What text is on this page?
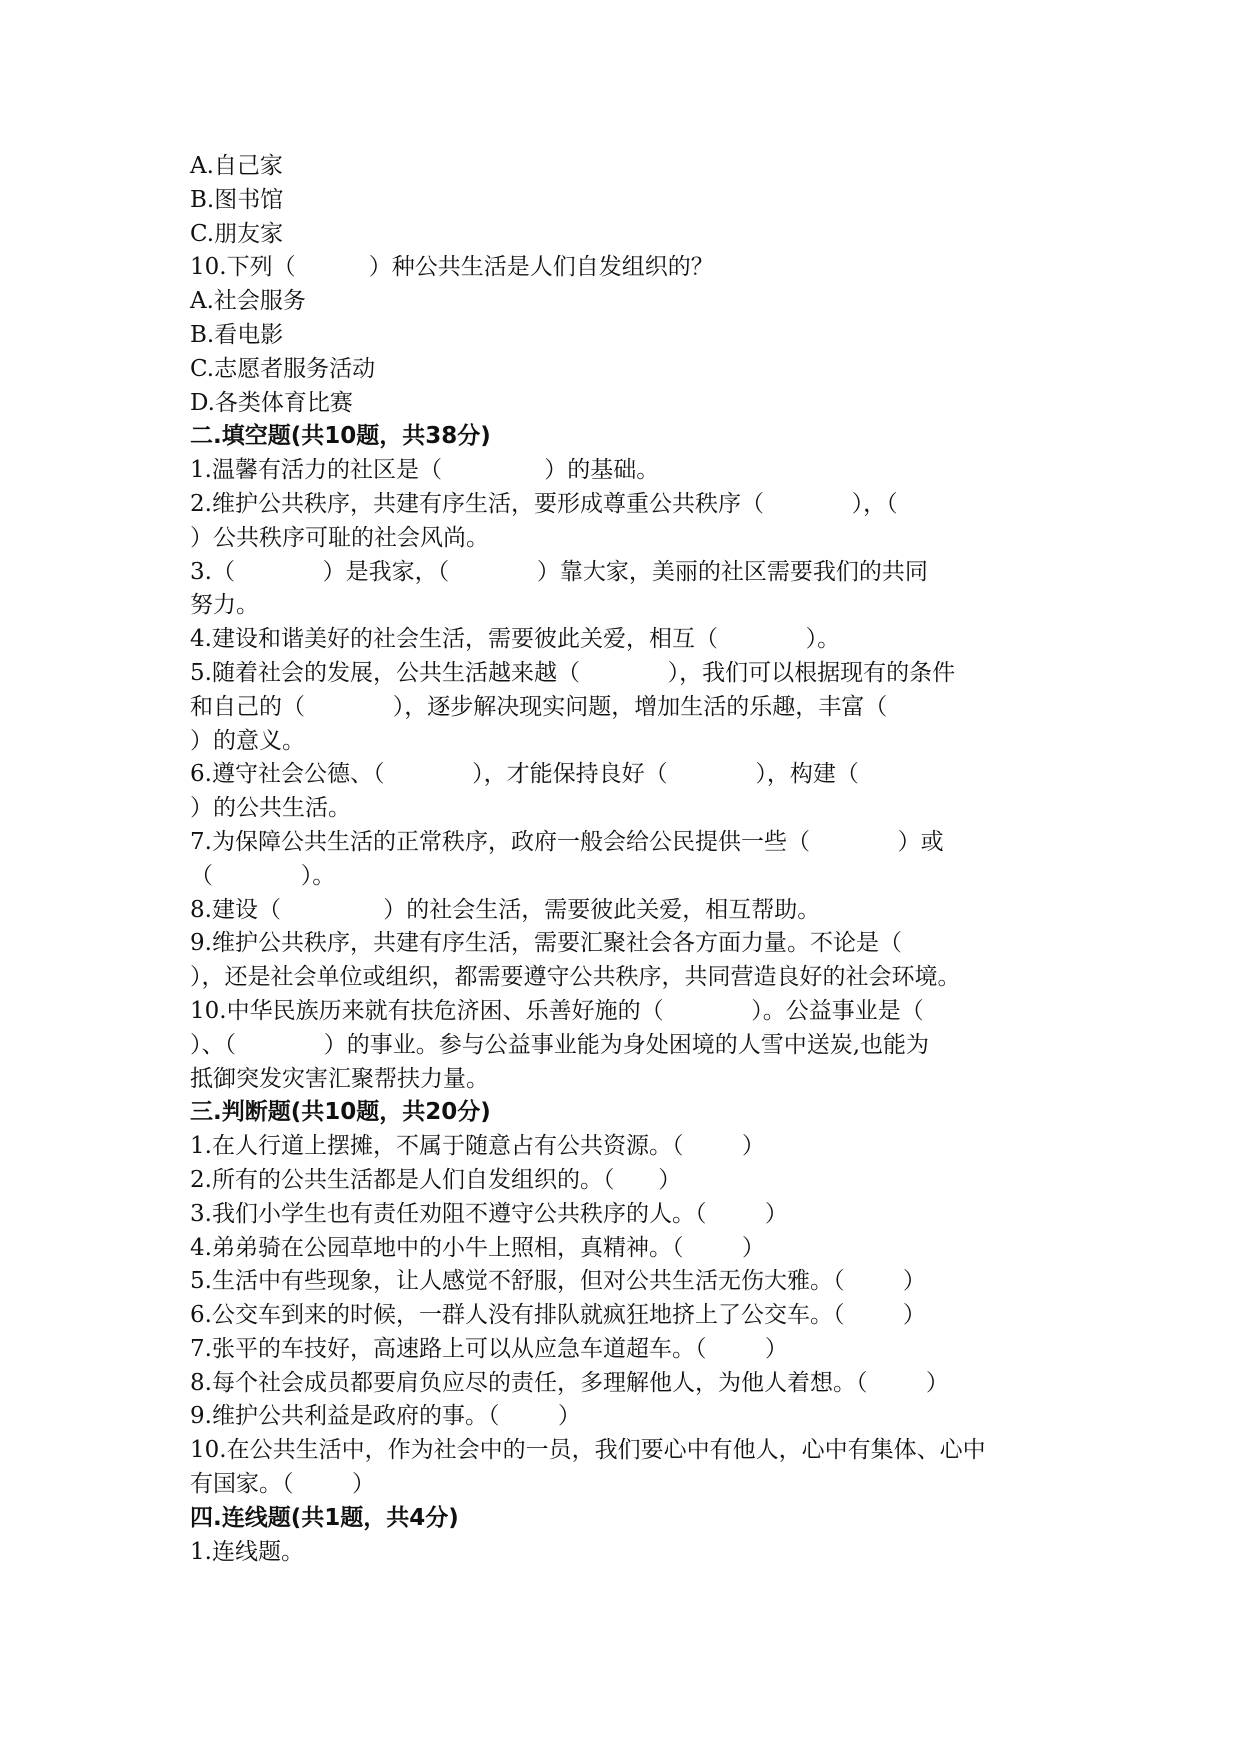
A.自己家

B.图书馆

C.朋友家

10.下列（          ）种公共生活是人们自发组织的？

A.社会服务

B.看电影

C.志愿者服务活动

D.各类体育比赛

二.填空题(共10题，共38分)

1.温馨有活力的社区是（              ）的基础。

2.维护公共秩序，共建有序生活，要形成尊重公共秩序（            ），（

）公共秩序可耻的社会风尚。

3.（            ）是我家，（            ）靠大家，美丽的社区需要我们的共同

努力。

4.建设和谐美好的社会生活，需要彼此关爱，相互（            ）。

5.随着社会的发展，公共生活越来越（            ），我们可以根据现有的条件

和自己的（            ），逐步解决现实问题，增加生活的乐趣，丰富（

）的意义。

6.遵守社会公德、（            ），才能保持良好（            ），构建（

）的公共生活。

7.为保障公共生活的正常秩序，政府一般会给公民提供一些（            ）或

（            ）。

8.建设（              ）的社会生活，需要彼此关爱，相互帮助。

9.维护公共秩序，共建有序生活，需要汇聚社会各方面力量。不论是（

），还是社会单位或组织，都需要遵守公共秩序，共同营造良好的社会环境。

10.中华民族历来就有扶危济困、乐善好施的（            ）。公益事业是（

）、（            ）的事业。参与公益事业能为身处困境的人雪中送炭,也能为

抵御突发灾害汇聚帮扶力量。

三.判断题(共10题，共20分)

1.在人行道上摆摊，不属于随意占有公共资源。（        ）

2.所有的公共生活都是人们自发组织的。（      ）

3.我们小学生也有责任劝阻不遵守公共秩序的人。（        ）

4.弟弟骑在公园草地中的小牛上照相，真精神。（        ）

5.生活中有些现象，让人感觉不舒服，但对公共生活无伤大雅。（        ）

6.公交车到来的时候，一群人没有排队就疯狂地挤上了公交车。（        ）

7.张平的车技好，高速路上可以从应急车道超车。（        ）

8.每个社会成员都要肩负应尽的责任，多理解他人，为他人着想。（        ）

9.维护公共利益是政府的事。（        ）

10.在公共生活中，作为社会中的一员，我们要心中有他人，心中有集体、心中

有国家。（        ）

四.连线题(共1题，共4分)

1.连线题。
